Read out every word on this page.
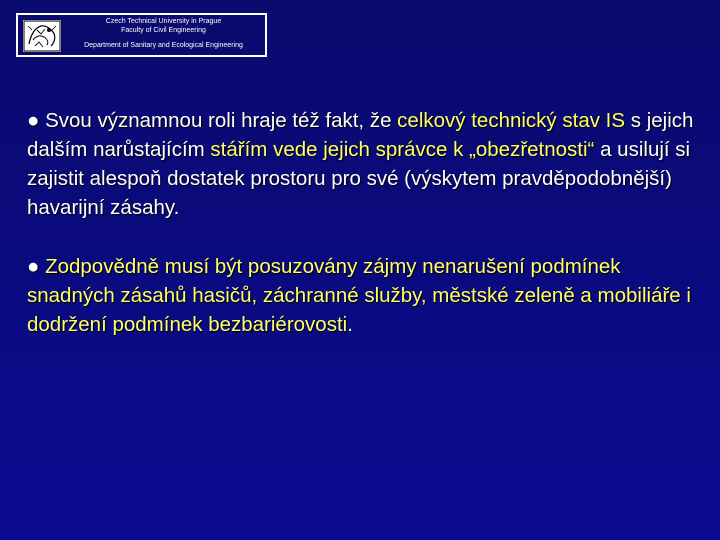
Czech Technical University in Prague
Faculty of Civil Engineering
Department of Sanitary and Ecological Engineering
● Svou významnou roli hraje též fakt, že celkový technický stav IS s jejich dalším narůstajícím stářím vede jejich správce k „obezřetnosti“ a usilují si zajistit alespoň dostatek prostoru pro své (výskytem pravděpodobnější) havarijní zásahy.
● Zodpovědně musí být posuzovány zájmy nenarušení podmínek snadných zásahů hasičů, záchranné služby, městské zeleně a mobiliáře i dodržení podmínek bezbariérovosti.
